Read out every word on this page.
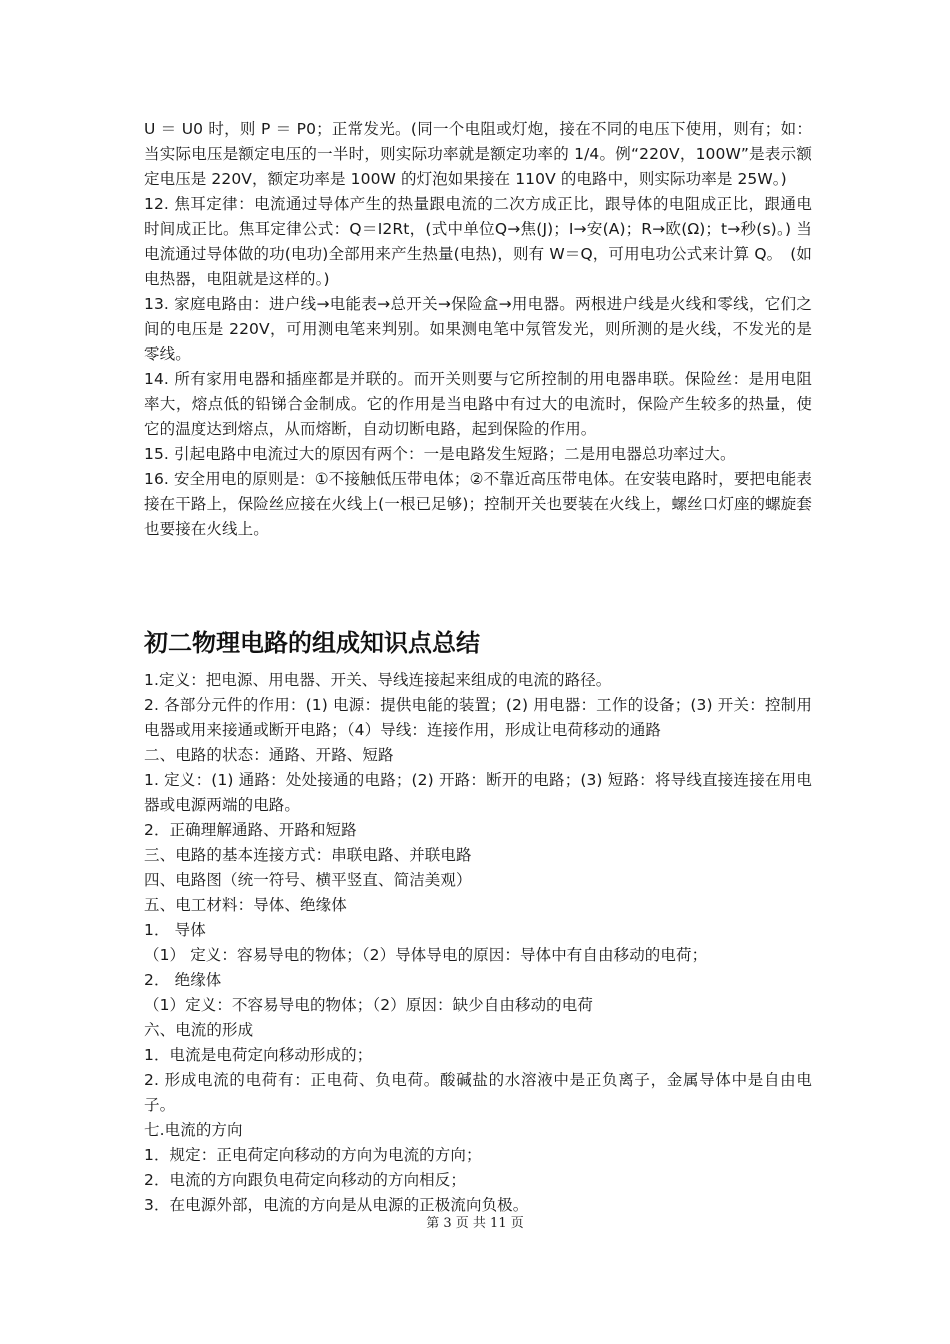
U ＝ U0 时，则 P ＝ P0；正常发光。(同一个电阻或灯炮，接在不同的电压下使用，则有；如：当实际电压是额定电压的一半时，则实际功率就是额定功率的 1/4。例“220V，100W”是表示额定电压是 220V，额定功率是 100W 的灯泡如果接在 110V 的电路中，则实际功率是 25W。)

12. 焦耳定律：电流通过导体产生的热量跟电流的二次方成正比，跟导体的电阻成正比，跟通电时间成正比。焦耳定律公式：Q＝I2Rt，(式中单位Q→焦(J)；I→安(A)；R→欧(Ω)；t→秒(s)。) 当电流通过导体做的功(电功)全部用来产生热量(电热)，则有 W＝Q，可用电功公式来计算 Q。　(如电热器，电阻就是这样的。)

13. 家庭电路由：进户线→电能表→总开关→保险盒→用电器。两根进户线是火线和零线，它们之间的电压是 220V，可用测电笔来判别。如果测电笔中氖管发光，则所测的是火线，不发光的是零线。

14. 所有家用电器和插座都是并联的。而开关则要与它所控制的用电器串联。保险丝：是用电阻率大，熔点低的铅锑合金制成。它的作用是当电路中有过大的电流时，保险产生较多的热量，使它的温度达到熔点，从而熔断，自动切断电路，起到保险的作用。

15. 引起电路中电流过大的原因有两个：一是电路发生短路；二是用电器总功率过大。

16. 安全用电的原则是：①不接触低压带电体；②不靠近高压带电体。在安装电路时，要把电能表接在干路上，保险丝应接在火线上(一根已足够)；控制开关也要装在火线上，螺丝口灯座的螺旋套也要接在火线上。

初二物理电路的组成知识点总结

1.定义：把电源、用电器、开关、导线连接起来组成的电流的路径。

2. 各部分元件的作用：(1) 电源：提供电能的装置；(2) 用电器：工作的设备；(3) 开关：控制用电器或用来接通或断开电路；（4）导线：连接作用，形成让电荷移动的通路

二、电路的状态：通路、开路、短路

1. 定义：(1) 通路：处处接通的电路；(2) 开路：断开的电路；(3) 短路：将导线直接连接在用电器或电源两端的电路。

2．正确理解通路、开路和短路

三、电路的基本连接方式：串联电路、并联电路

四、电路图（统一符号、横平竖直、简洁美观）

五、电工材料：导体、绝缘体

1． 导体

（1） 定义：容易导电的物体；（2）导体导电的原因：导体中有自由移动的电荷；

2． 绝缘体

（1）定义：不容易导电的物体；（2）原因：缺少自由移动的电荷

六、电流的形成

1．电流是电荷定向移动形成的；

2. 形成电流的电荷有：正电荷、负电荷。酸碱盐的水溶液中是正负离子，金属导体中是自由电子。

七.电流的方向

1．规定：正电荷定向移动的方向为电流的方向；

2．电流的方向跟负电荷定向移动的方向相反；

3．在电源外部，电流的方向是从电源的正极流向负极。

第 3 页 共 11 页
